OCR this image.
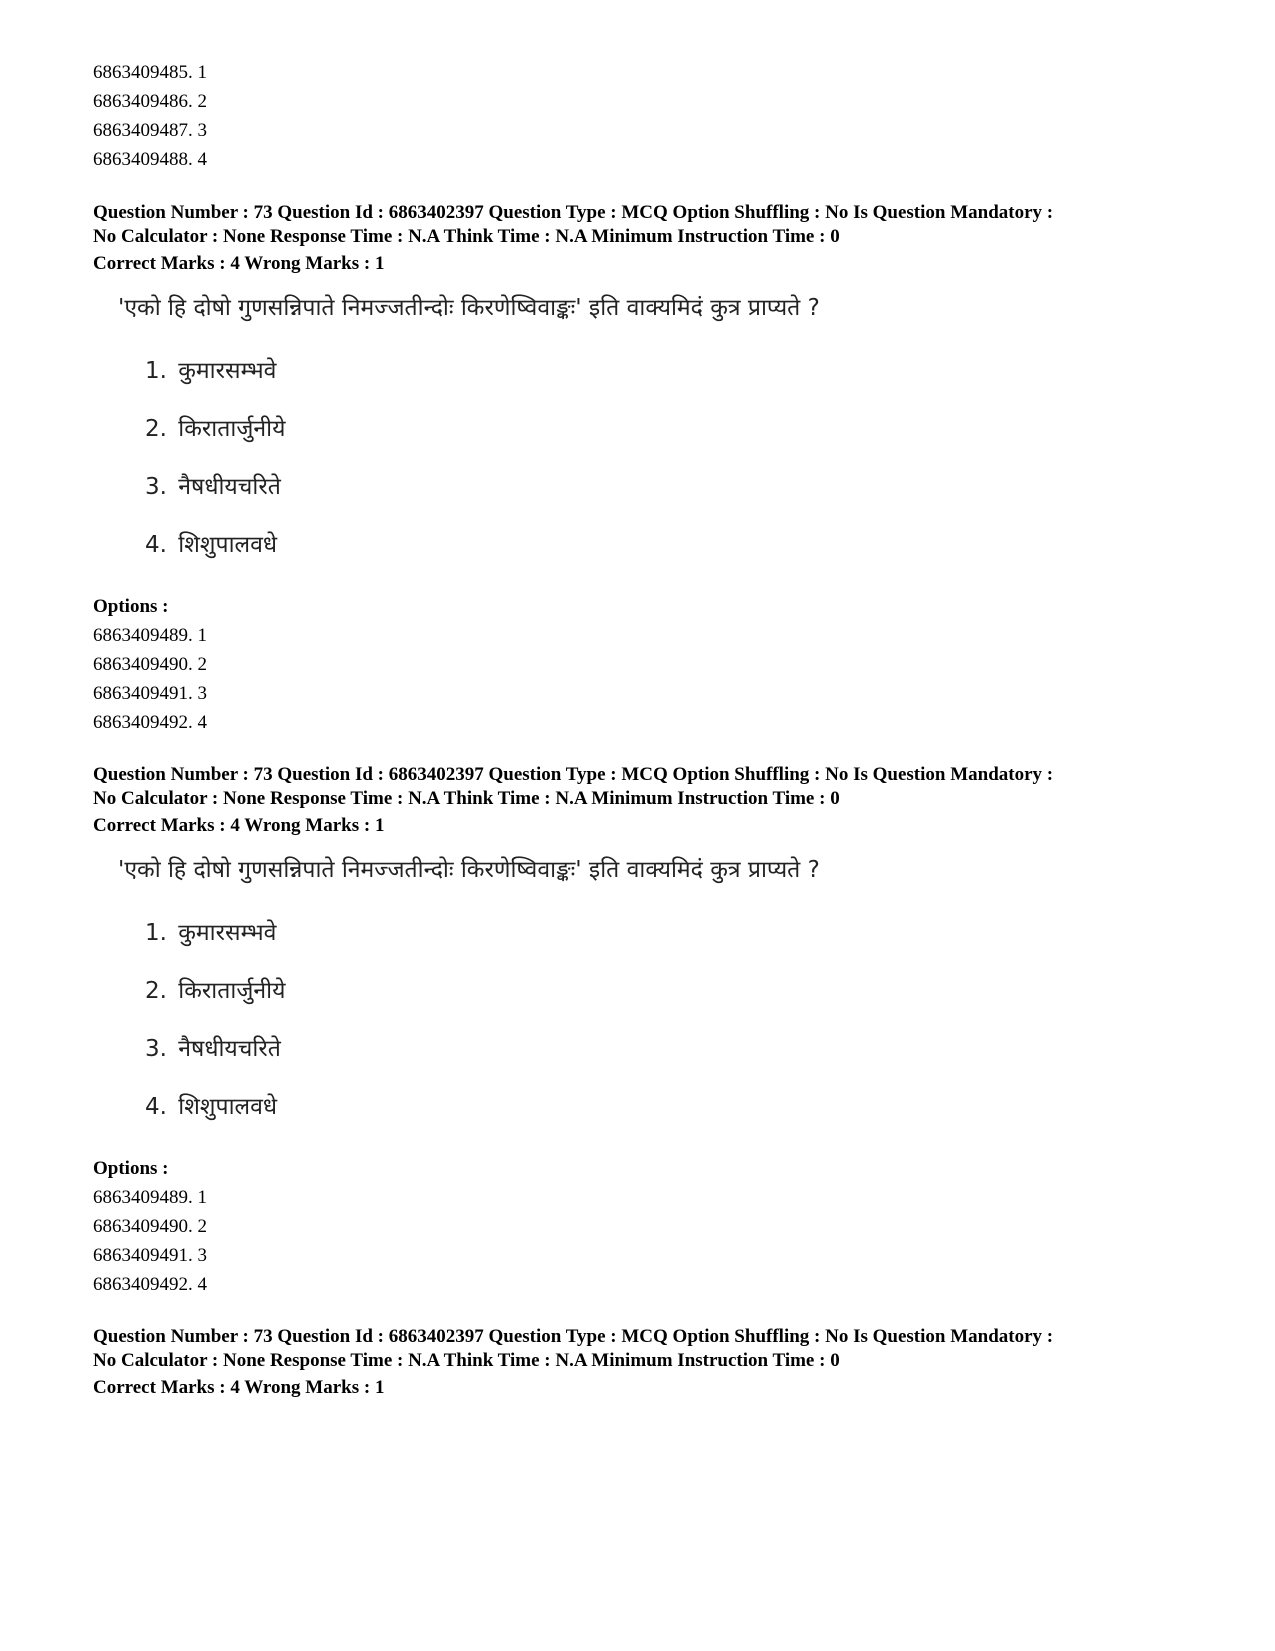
6863409485. 1

6863409486. 2

6863409487. 3

6863409488. 4

Question Number : 73 Question Id : 6863402397 Question Type : MCQ Option Shuffling : No Is Question Mandatory :

No Calculator : None Response Time : N.A Think Time : N.A Minimum Instruction Time : 0

Correct Marks : 4 Wrong Marks : 1

'एको हि दोषो गुणसन्निपाते निमज्जतीन्दोः किरणेष्विवाङ्कः' इति वाक्यमिदं कुत्र प्राप्यते ?

1. कुमारसम्भवे

2. किरातार्जुनीये

3. नैषधीयचरिते

4. शिशुपालवधे

Options :

6863409489. 1

6863409490. 2

6863409491. 3

6863409492. 4

Question Number : 73 Question Id : 6863402397 Question Type : MCQ Option Shuffling : No Is Question Mandatory :

No Calculator : None Response Time : N.A Think Time : N.A Minimum Instruction Time : 0

Correct Marks : 4 Wrong Marks : 1

'एको हि दोषो गुणसन्निपाते निमज्जतीन्दोः किरणेष्विवाङ्कः' इति वाक्यमिदं कुत्र प्राप्यते ?

1. कुमारसम्भवे

2. किरातार्जुनीये

3. नैषधीयचरिते

4. शिशुपालवधे

Options :

6863409489. 1

6863409490. 2

6863409491. 3

6863409492. 4

Question Number : 73 Question Id : 6863402397 Question Type : MCQ Option Shuffling : No Is Question Mandatory :

No Calculator : None Response Time : N.A Think Time : N.A Minimum Instruction Time : 0

Correct Marks : 4 Wrong Marks : 1
